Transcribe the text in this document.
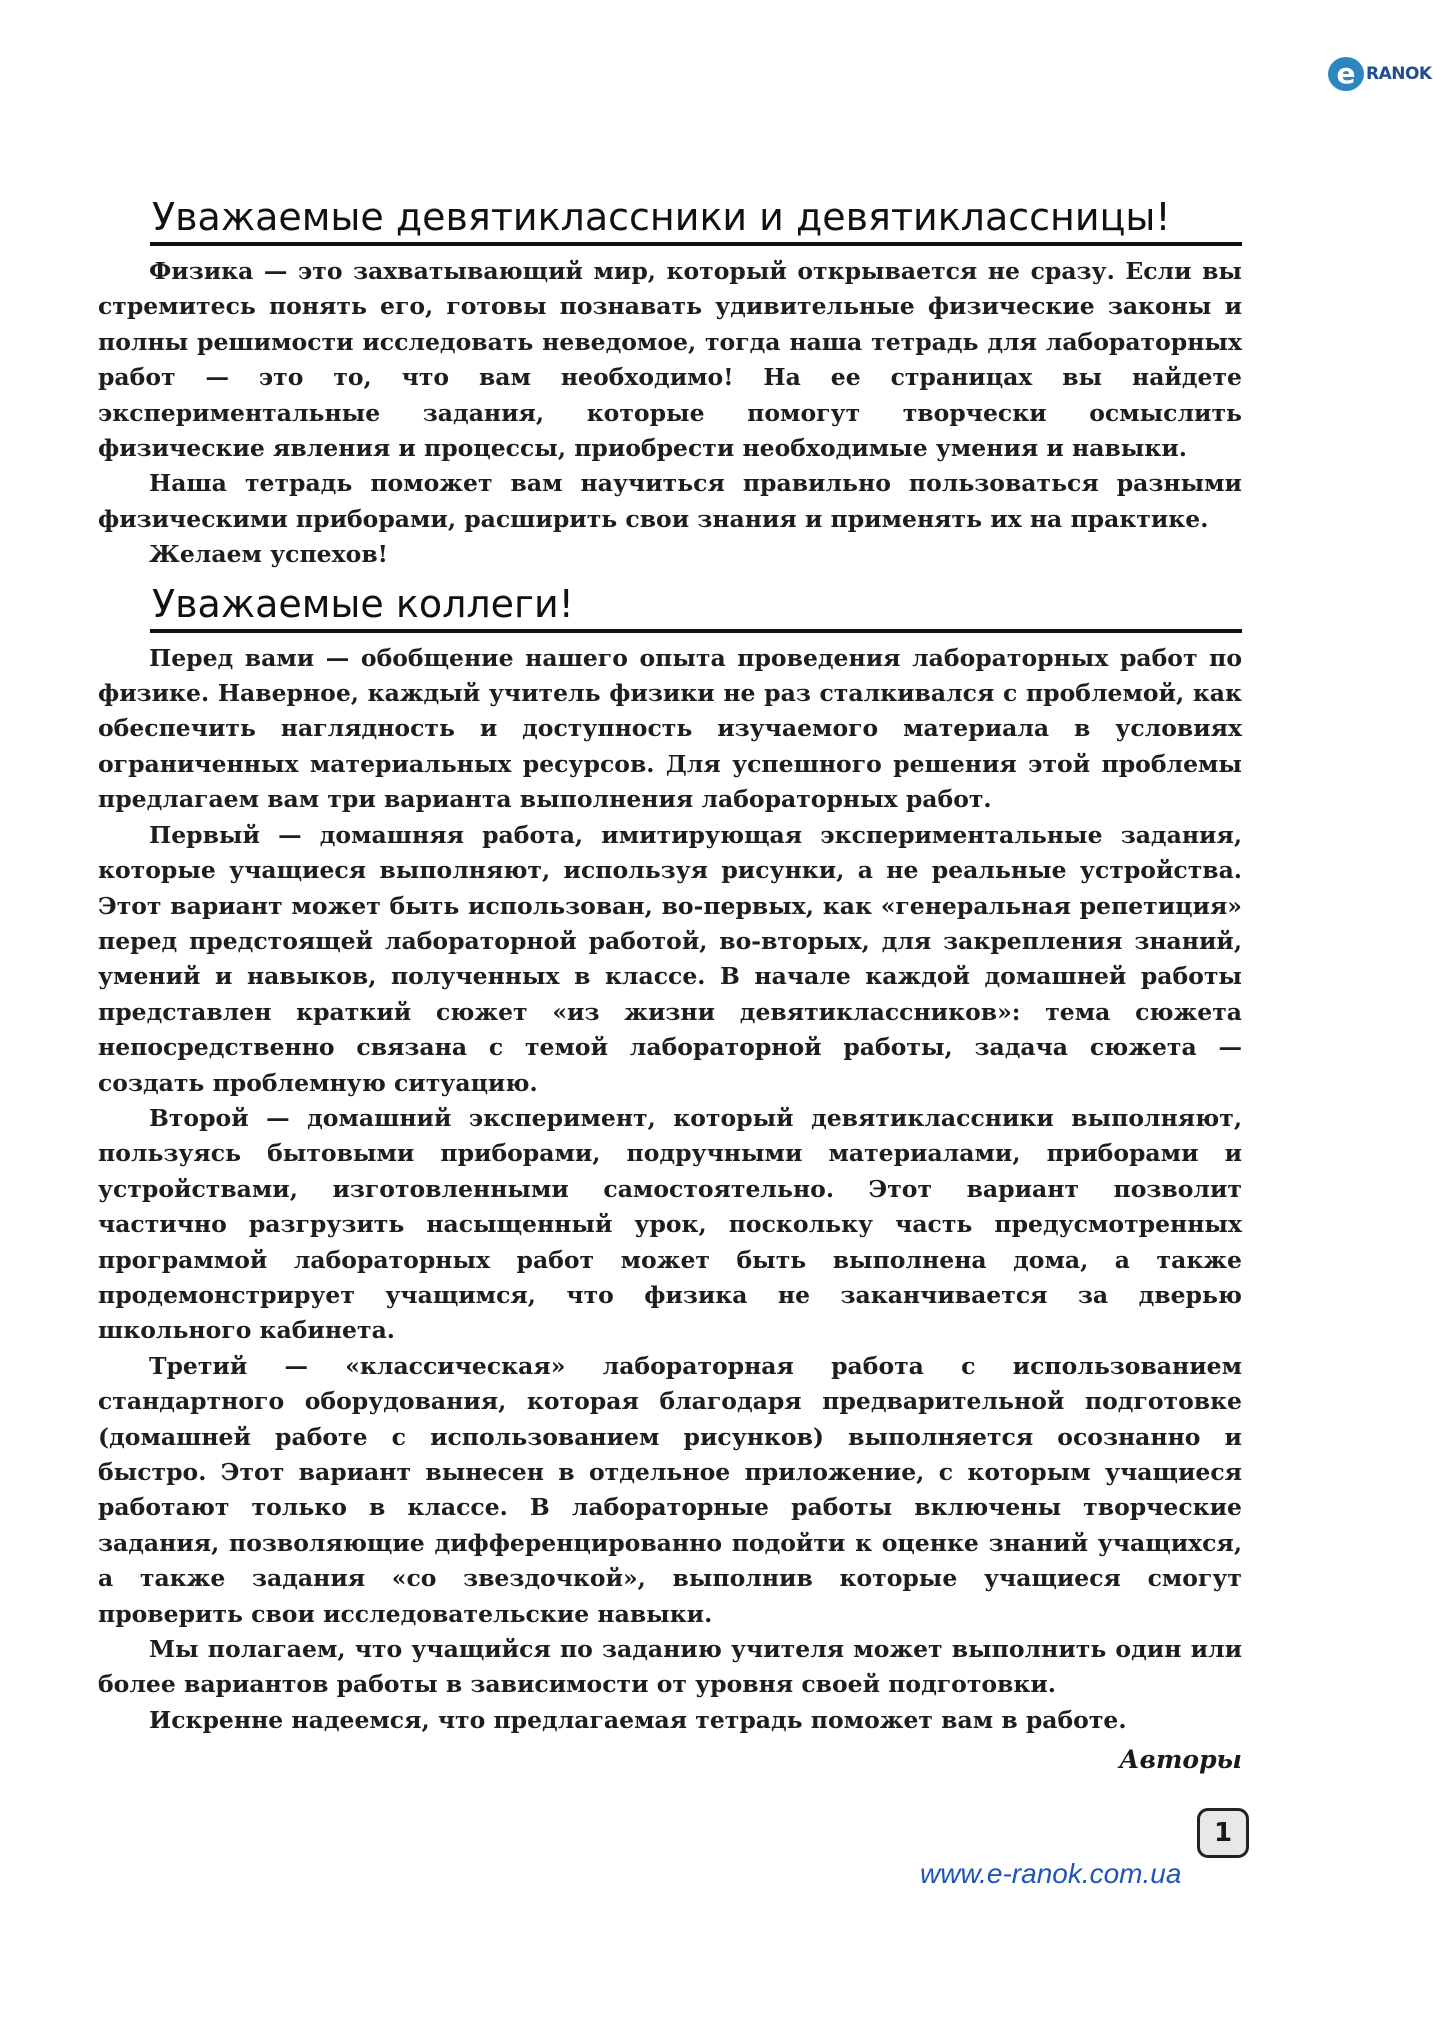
e RANOK
Уважаемые девятиклассники и девятиклассницы!

Физика — это захватывающий мир, который открывается не сразу. Если вы стремитесь понять его, готовы познавать удивительные физические законы и полны решимости исследовать неведомое, тогда наша тетрадь для лабораторных работ — это то, что вам необходимо! На ее страницах вы найдете экспериментальные задания, которые помогут творчески осмыслить физические явления и процессы, приобрести необходимые умения и навыки.

Наша тетрадь поможет вам научиться правильно пользоваться разными физическими приборами, расширить свои знания и применять их на практике.

Желаем успехов!

Уважаемые коллеги!

Перед вами — обобщение нашего опыта проведения лабораторных работ по физике. Наверное, каждый учитель физики не раз сталкивался с проблемой, как обеспечить наглядность и доступность изучаемого материала в условиях ограниченных материальных ресурсов. Для успешного решения этой проблемы предлагаем вам три варианта выполнения лабораторных работ.

Первый — домашняя работа, имитирующая экспериментальные задания, которые учащиеся выполняют, используя рисунки, а не реальные устройства. Этот вариант может быть использован, во-первых, как «генеральная репетиция» перед предстоящей лабораторной работой, во-вторых, для закрепления знаний, умений и навыков, полученных в классе. В начале каждой домашней работы представлен краткий сюжет «из жизни девятиклассников»: тема сюжета непосредственно связана с темой лабораторной работы, задача сюжета — создать проблемную ситуацию.

Второй — домашний эксперимент, который девятиклассники выполняют, пользуясь бытовыми приборами, подручными материалами, приборами и устройствами, изготовленными самостоятельно. Этот вариант позволит частично разгрузить насыщенный урок, поскольку часть предусмотренных программой лабораторных работ может быть выполнена дома, а также продемонстрирует учащимся, что физика не заканчивается за дверью школьного кабинета.

Третий — «классическая» лабораторная работа с использованием стандартного оборудования, которая благодаря предварительной подготовке (домашней работе с использованием рисунков) выполняется осознанно и быстро. Этот вариант вынесен в отдельное приложение, с которым учащиеся работают только в классе. В лабораторные работы включены творческие задания, позволяющие дифференцированно подойти к оценке знаний учащихся, а также задания «со звездочкой», выполнив которые учащиеся смогут проверить свои исследовательские навыки.

Мы полагаем, что учащийся по заданию учителя может выполнить один или более вариантов работы в зависимости от уровня своей подготовки.

Искренне надеемся, что предлагаемая тетрадь поможет вам в работе.

Авторы
1
www.e-ranok.com.ua
